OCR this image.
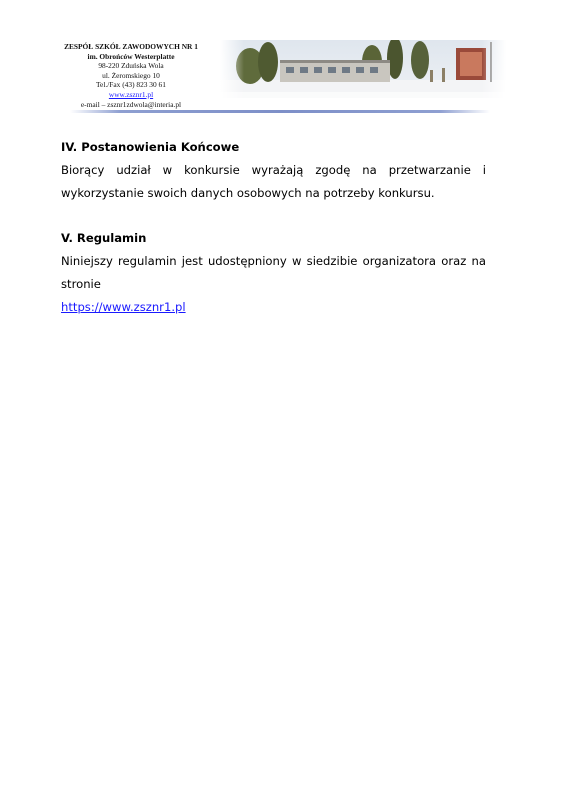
ZESPÓŁ SZKÓŁ ZAWODOWYCH NR 1
im. Obrońców Westerplatte
98-220 Zduńska Wola
ul. Żeromskiego 10
Tel./Fax (43) 823 30 61
www.zsznr1.pl
e-mail – zsznr1zdwola@interia.pl
IV. Postanowienia Końcowe

Biorący udział w konkursie wyrażają zgodę na przetwarzanie i wykorzystanie swoich danych osobowych na potrzeby konkursu.

V. Regulamin

Niniejszy regulamin jest udostępniony w siedzibie organizatora oraz na stronie

https://www.zsznr1.pl
